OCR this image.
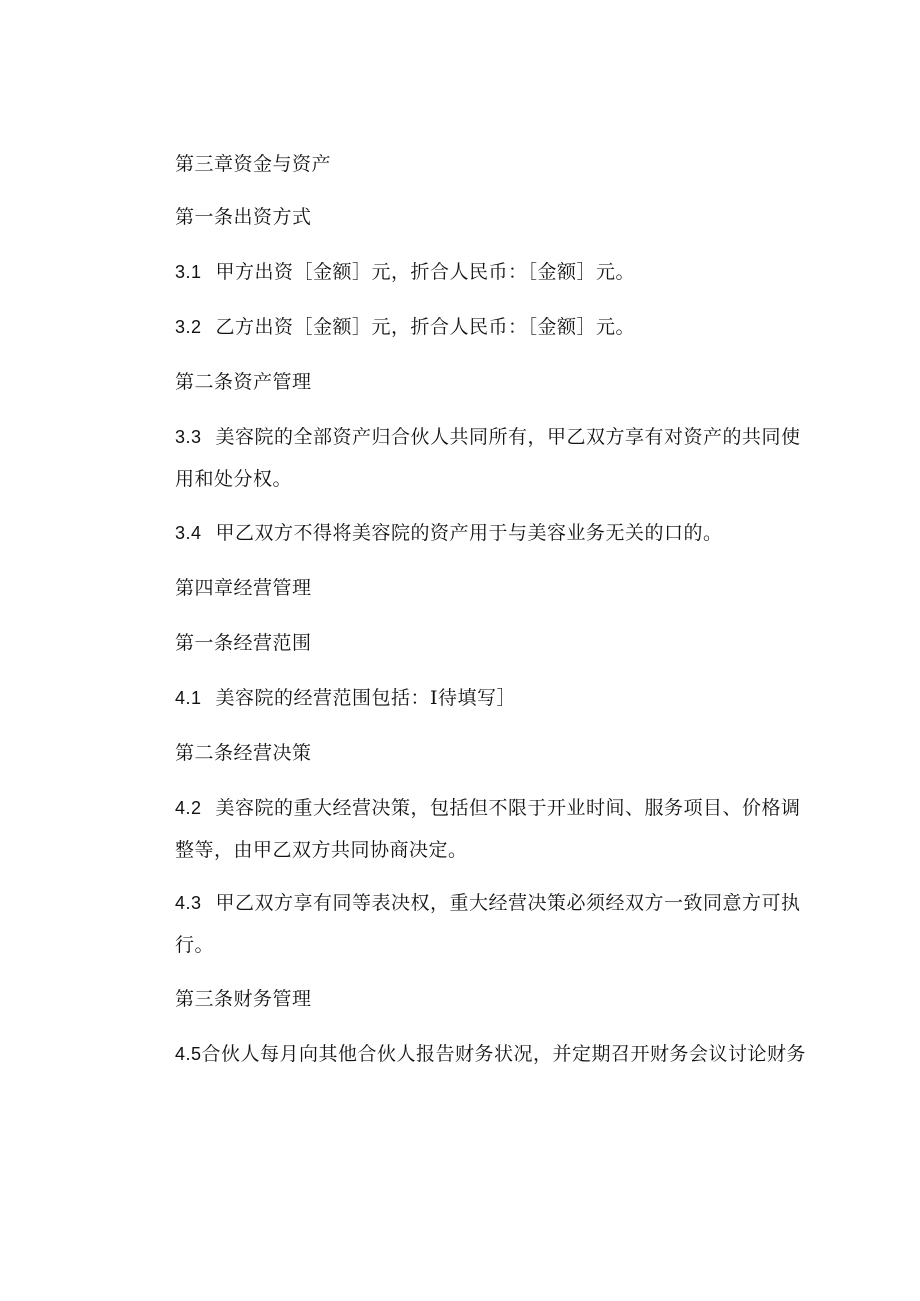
第三章资金与资产
第一条出资方式
3.1 甲方出资［金额］元，折合人民币：［金额］元。
3.2 乙方出资［金额］元，折合人民币：［金额］元。
第二条资产管理
3.3 美容院的全部资产归合伙人共同所有，甲乙双方享有对资产的共同使
用和处分权。
3.4 甲乙双方不得将美容院的资产用于与美容业务无关的口的。
第四章经营管理
第一条经营范围
4.1 美容院的经营范围包括：I待填写］
第二条经营决策
4.2 美容院的重大经营决策，包括但不限于开业时间、服务项目、价格调
整等，由甲乙双方共同协商决定。
4.3 甲乙双方享有同等表决权，重大经营决策必须经双方一致同意方可执
行。
第三条财务管理
4.5合伙人每月向其他合伙人报告财务状况，并定期召开财务会议讨论财务
